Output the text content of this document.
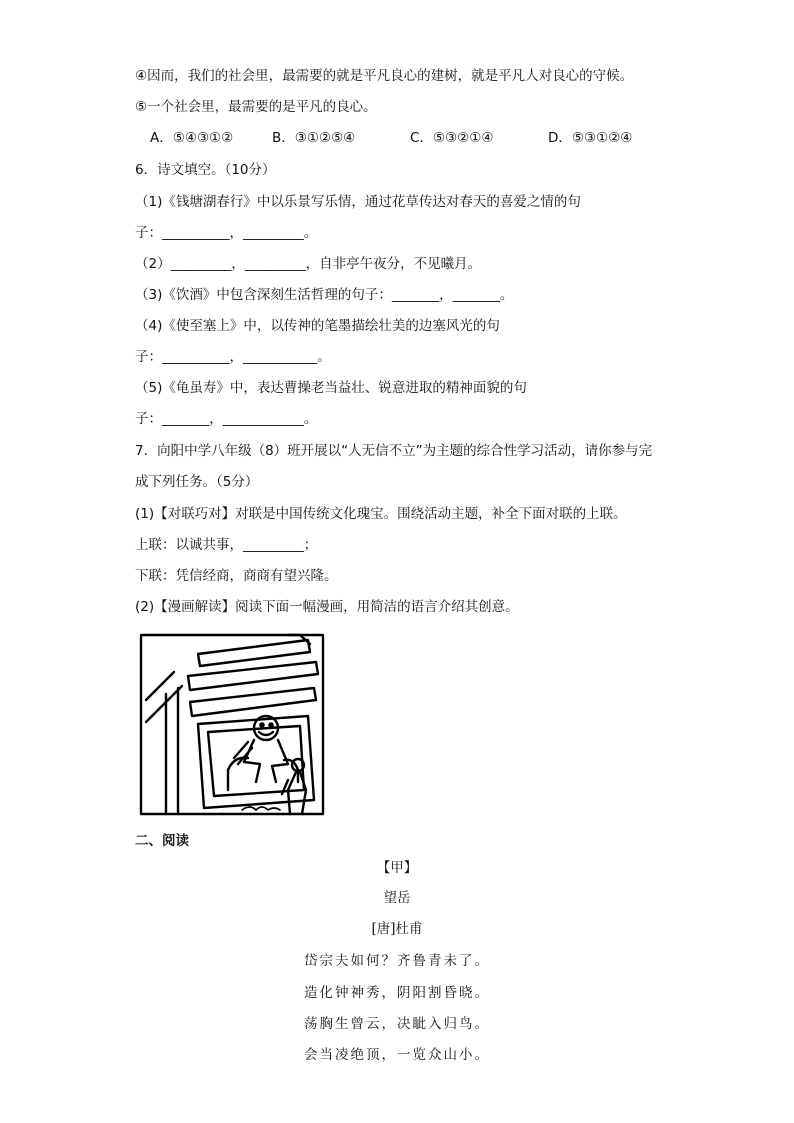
④因而，我们的社会里，最需要的就是平凡良心的建树，就是平凡人对良心的守候。
⑤一个社会里，最需要的是平凡的良心。
A．⑤④③①②	B．③①②⑤④	C．⑤③②①④	D．⑤③①②④
6．诗文填空。（10分）
（1)《钱塘湖春行》中以乐景写乐情，通过花草传达对春天的喜爱之情的句
子：__________，_________。
（2）_________，_________，自非亭午夜分，不见曦月。
（3)《饮酒》中包含深刻生活哲理的句子：_______，_______。
（4)《使至塞上》中，以传神的笔墨描绘壮美的边塞风光的句
子：__________，___________。
（5)《龟虽寿》中，表达曹操老当益壮、锐意进取的精神面貌的句
子：_______，____________。
7．向阳中学八年级（8）班开展以“人无信不立”为主题的综合性学习活动，请你参与完
成下列任务。（5分）
(1)【对联巧对】对联是中国传统文化瑰宝。围绕活动主题，补全下面对联的上联。
上联：以诚共事，_________；
下联：凭信经商，商商有望兴隆。
(2)【漫画解读】阅读下面一幅漫画，用简洁的语言介绍其创意。
二、阅读
【甲】
望岳
[唐]杜甫
岱宗夫如何？齐鲁青未了。
造化钟神秀，阴阳割昏晓。
荡胸生曾云，决眦入归鸟。
会当凌绝顶，一览众山小。
